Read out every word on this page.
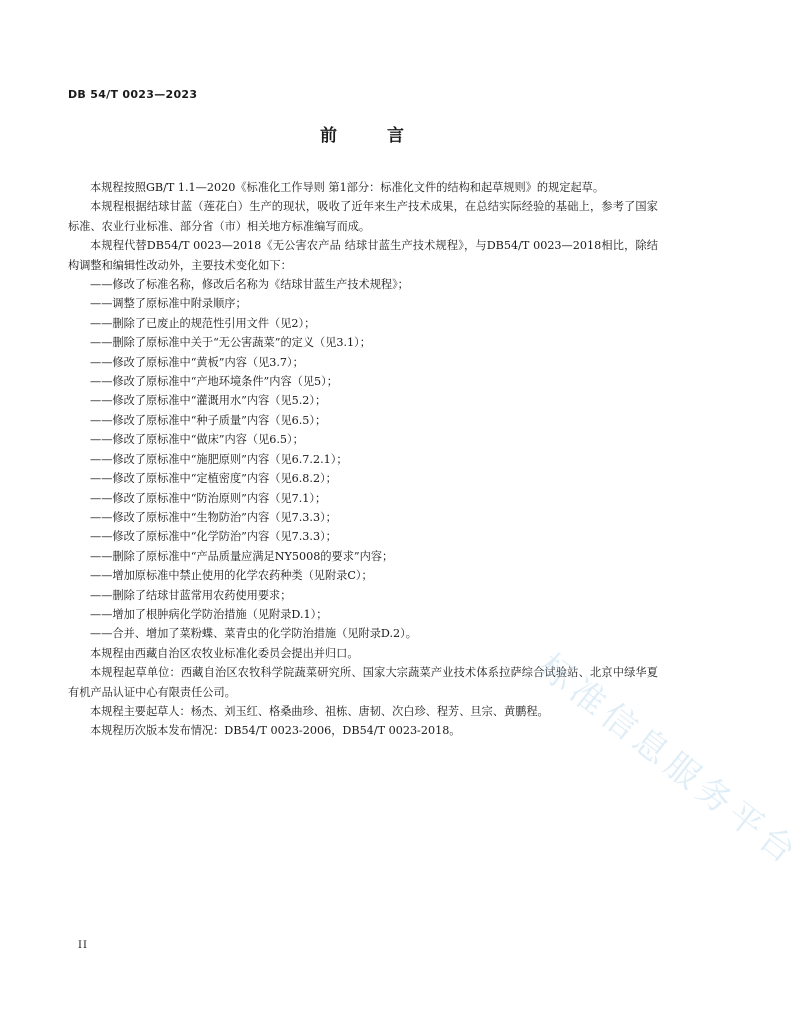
DB 54/T 0023—2023
前 言

本规程按照GB/T 1.1—2020《标准化工作导则 第1部分：标准化文件的结构和起草规则》的规定起草。

本规程根据结球甘蓝（莲花白）生产的现状，吸收了近年来生产技术成果，在总结实际经验的基础上，参考了国家标准、农业行业标准、部分省（市）相关地方标准编写而成。

本规程代替DB54/T 0023—2018《无公害农产品 结球甘蓝生产技术规程》，与DB54/T 0023—2018相比，除结构调整和编辑性改动外，主要技术变化如下：

——修改了标准名称，修改后名称为《结球甘蓝生产技术规程》；

——调整了原标准中附录顺序；

——删除了已废止的规范性引用文件（见2）；

——删除了原标准中关于“无公害蔬菜”的定义（见3.1）；

——修改了原标准中“黄板”内容（见3.7）；

——修改了原标准中“产地环境条件”内容（见5）；

——修改了原标准中“灌溉用水”内容（见5.2）；

——修改了原标准中“种子质量”内容（见6.5）；

——修改了原标准中“做床”内容（见6.5）；

——修改了原标准中“施肥原则”内容（见6.7.2.1）；

——修改了原标准中“定植密度”内容（见6.8.2）；

——修改了原标准中“防治原则”内容（见7.1）；

——修改了原标准中“生物防治”内容（见7.3.3）；

——修改了原标准中“化学防治”内容（见7.3.3）；

——删除了原标准中“产品质量应满足NY5008的要求”内容；

——增加原标准中禁止使用的化学农药种类（见附录C）；

——删除了结球甘蓝常用农药使用要求；

——增加了根肿病化学防治措施（见附录D.1）；

——合并、增加了菜粉蝶、菜青虫的化学防治措施（见附录D.2）。

本规程由西藏自治区农牧业标准化委员会提出并归口。

本规程起草单位：西藏自治区农牧科学院蔬菜研究所、国家大宗蔬菜产业技术体系拉萨综合试验站、北京中绿华夏有机产品认证中心有限责任公司。

本规程主要起草人：杨杰、刘玉红、格桑曲珍、祖栋、唐韧、次白珍、程芳、旦宗、黄鹏程。

本规程历次版本发布情况：DB54/T 0023-2006，DB54/T 0023-2018。	标准信息服务平台
II
